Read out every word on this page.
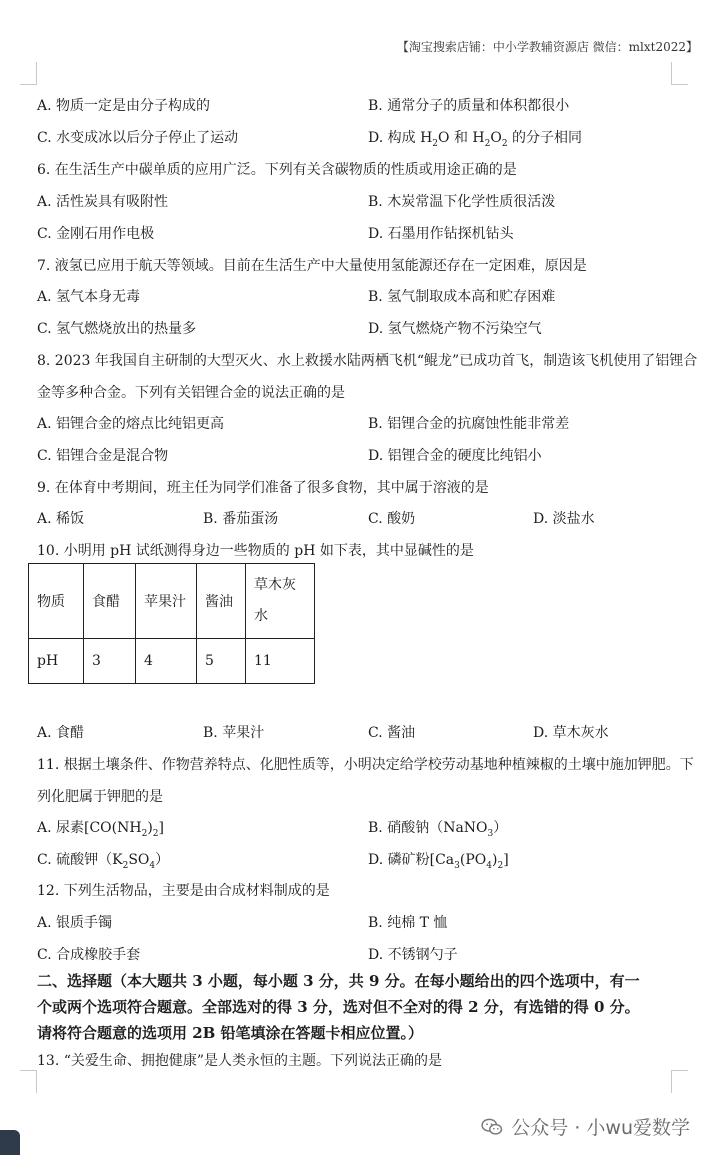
【淘宝搜索店铺：中小学教辅资源店 微信：mlxt2022】
A. 物质一定是由分子构成的	B. 通常分子的质量和体积都很小
C. 水变成冰以后分子停止了运动	D. 构成 $H_2O$ 和 $H_2O_2$ 的分子相同
6. 在生活生产中碳单质的应用广泛。下列有关含碳物质的性质或用途正确的是
A. 活性炭具有吸附性	B. 木炭常温下化学性质很活泼
C. 金刚石用作电极	D. 石墨用作钻探机钻头
7. 液氢已应用于航天等领域。目前在生活生产中大量使用氢能源还存在一定困难，原因是
A. 氢气本身无毒	B. 氢气制取成本高和贮存困难
C. 氢气燃烧放出的热量多	D. 氢气燃烧产物不污染空气
8. 2023 年我国自主研制的大型灭火、水上救援水陆两栖飞机“鲲龙”已成功首飞，制造该飞机使用了铝锂合
金等多种合金。下列有关铝锂合金的说法正确的是
A. 铝锂合金的熔点比纯铝更高	B. 铝锂合金的抗腐蚀性能非常差
C. 铝锂合金是混合物	D. 铝锂合金的硬度比纯铝小
9. 在体育中考期间，班主任为同学们准备了很多食物，其中属于溶液的是
A. 稀饭	B. 番茄蛋汤	C. 酸奶	D. 淡盐水
10. 小明用 pH 试纸测得身边一些物质的 pH 如下表，其中显碱性的是
物质	食醋	苹果汁	酱油	草木灰水
pH	3	4	5	11
A. 食醋	B. 苹果汁	C. 酱油	D. 草木灰水
11. 根据土壤条件、作物营养特点、化肥性质等，小明决定给学校劳动基地种植辣椒的土壤中施加钾肥。下
列化肥属于钾肥的是
A. 尿素$[CO(NH_2)_2]$	B. 硝酸钠（NaNO$_3$）
C. 硫酸钾$(K_2SO_4)$	D. 磷矿粉$[Ca_3(PO_4)_2]$
12. 下列生活物品，主要是由合成材料制成的是
A. 银质手镯	B. 纯棉 T 恤
C. 合成橡胶手套	D. 不锈钢勺子
二、选择题（本大题共 3 小题，每小题 3 分，共 9 分。在每小题给出的四个选项中，有一
个或两个选项符合题意。全部选对的得 3 分，选对但不全对的得 2 分，有选错的得 0 分。
请将符合题意的选项用 2B 铅笔填涂在答题卡相应位置。）
13. “关爱生命、拥抱健康”是人类永恒的主题。下列说法正确的是
公众号 · 小wu爱数学
